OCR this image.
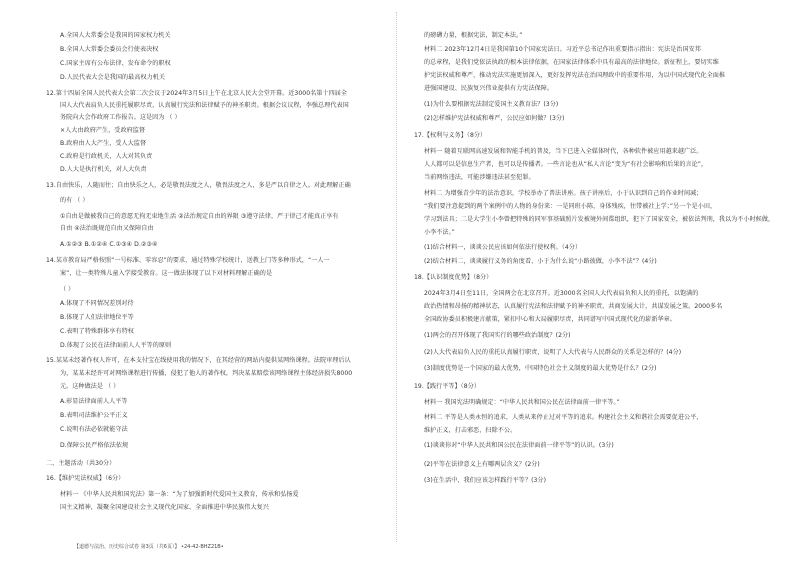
A.全国人大常委会是我国的国家权力机关
B.全国人大常委会委员会行使表决权
C.国家主席有公布法律、发布命令的职权
D.人民代表大会是我国的最高权力机关
12.第十四届全国人民代表大会第二次会议于2024年3月5日上午在北京人民大会堂开幕。近3000名第十四届全
国人大代表肩负人民重托履职尽责，认真履行宪法和法律赋予的神圣职责。根据会议议程，李强总理代表国
务院向大会作政府工作报告。这是因为 （ ）
×人大由政府产生，受政府监督
B.政府由人大产生，受人大监督
C.政府是行政机关，人大对其负责
D.人大是执行机关，对人大负责
13.自由快乐，人随而往；自由快乐之人，必是敬畏法度之人，敬畏法度之人，多是严以自律之人。对此理解正确
的有 （ ）
①自由是做被我自己的意愿无拘无束地生活 ②法治规定自由的界限 ③遵守法律，严于律己才能真正享有
自由 ④法治既规范自由又保障自由
A.①②③ B.①②④ C.①③④ D.②③④
14.某市教育局严格按照“一号标准、零容忍”的要求，通过特殊学校统计，送教上门等多种形式，“一人一
案”，让一类特殊儿童入学接受教育。这一做法体现了以下对材料理解正确的是
（ ）
A.体现了不同情况差别对待
B.体现了人们法律地位平等
C.表明了特殊群体享有特权
D.体现了公民在法律面前人人平等的原则
15.某某未经著作权人许可，在本支付宝在线使用我的情况下，在其经营的网站内提供某网络课程。法院审理后认
为，某某未经许可对网络课程进行传播，侵犯了他人的著作权，判决某某赔偿该网络课程主体经济损失8000
元。这种做法是 （ ）
A.彰显法律面前人人平等
B.表明司法维护公平正义
C.说明有法必依就能守法
D.保障公民严格依法依规
二、主题活动（共30分）
16.【维护宪法权威】（6分）
材料一 《中华人民共和国宪法》第一条：“为了加强新时代爱国主义教育，传承和弘扬爱
国主义精神，凝聚全国建设社会主义现代化国家、全面推进中华民族伟大复兴
的磅礴力量，根据宪法，制定本法。”
材料二 2023年12月4日是我国第10个国家宪法日。习近平总书记作出重要指示指出：宪法是治国安邦
的总章程，是我们党依法执政的根本法律依据，在国家法律体系中具有最高的法律地位。新征程上，要切实维
护宪法权威和尊严，推动宪法实施更加深入，更好发挥宪法在治国理政中的重要作用，为以中国式现代化全面推
进强国建设、民族复兴伟业提供有力宪法保障。
(1)为什么要根据宪法制定爱国主义教育法？(3分)
(2)怎样维护宪法权威和尊严，公民应如何做？(3分)
17.【权利与义务】（8分）
材料一 随着互联网高速发展和智能手机的普及，当下已进入全媒体时代，各种软件被应用越来越广泛。
人人都可以是信息生产者，也可以是传播者。一些言论也从“私人言论”变为“有社会影响和后果的言论”，
当前网络违法，可能涉嫌违法甚至犯罪。
材料二 为增强青少年的法治意识，学校举办了普法讲座。孩子讲座后，小于认识到自己的作业时间减；
“我们要注意提到的两个案例中的人物的身份来：一是同班小陈，身体残疾，往带被社上学；”另一个是小田，
学习到法具；二是大学生小李曾把特殊的同军事基础照片发被境外间谍组织，犯下了国家安全，被依法判刑，我以为不小时候做，
小李不法。”
(1)结合材料一，谈谈公民应该如何依法行使权利。（4分）
(2)结合材料二，谈谈履行义务的角度看，小于为什么说“小路彼做，小李不法”？(4分)
18.【认识制度优势】（8分）
2024年3月4日至11日，全国两会在北京召开。近3000名全国人大代表肩负和人民的重托，以饱满的
政治热情和昂扬的精神状态，认真履行宪法和法律赋予的神圣职责，共商发展大计，共谋发展之策。2000多名
全国政协委员积极建言献策，紧扣中心和大局履职尽责，共同谱写中国式现代化的崭新华章。
(1)两会的召开体现了我国实行的哪些政治制度？(2分)
(2)人大代表肩负人民的重托认真履行职责，说明了人大代表与人民群众的关系是怎样的？(4分)
(3)制度优势是一个国家的最大优势，中国特色社会主义制度的最大优势是什么？(2分)
19.【践行平等】（8分）
材料一 我国宪法明确规定：“中华人民共和国公民在法律面前一律平等。”
材料二 平等是人类永恒的追求，人类从来停止过对平等的追求。构建社会主义和谐社会需要促进公平，
维护正义，打击邪恶，扫除不公。
(1)谈谈你对“中华人民共和国公民在法律面前一律平等”的认识。(3分)
(2)平等在法律意义上有哪两层含义？(2分)
(3)在生活中，我们应该怎样践行平等？(3分)
【道德与法治、历史综合试卷 第3页（共6页）】 •24-42-BHZ21B•
